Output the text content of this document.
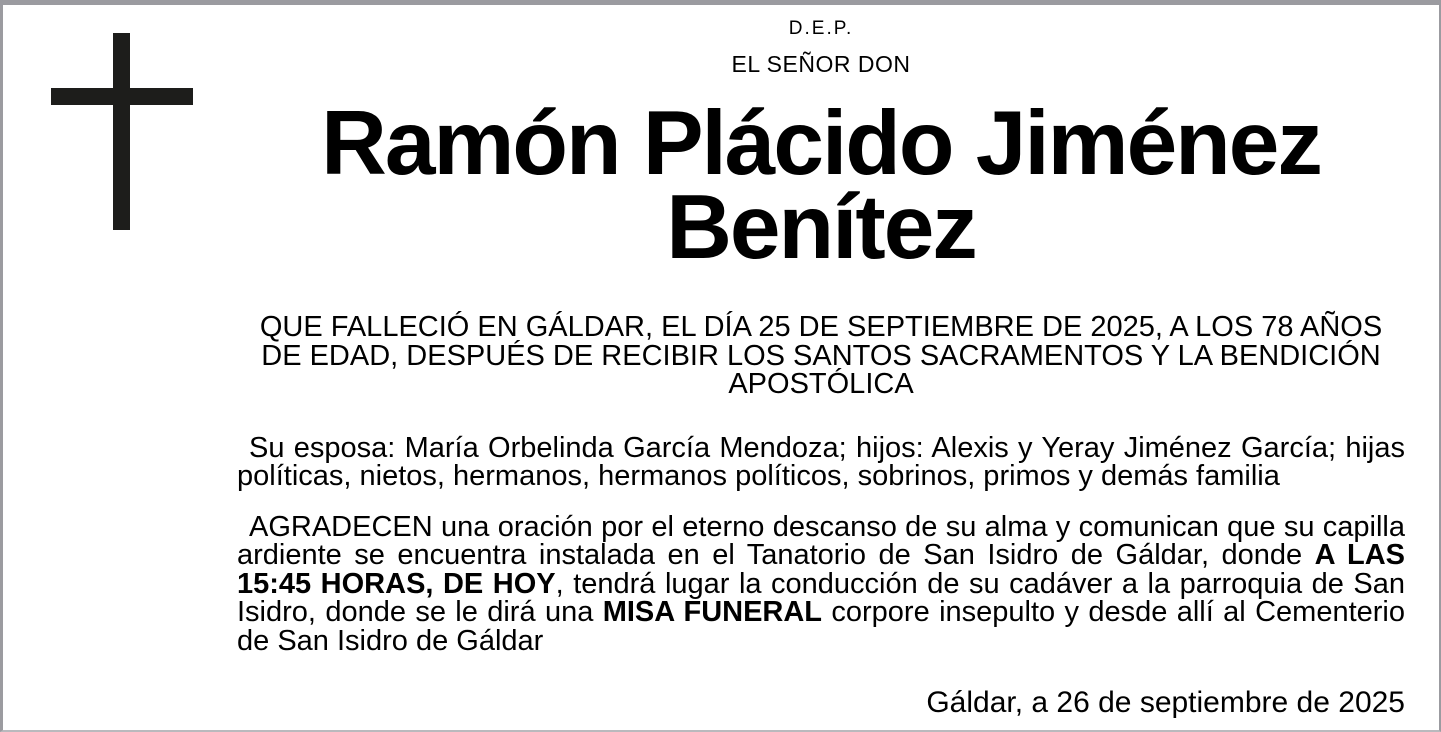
D.E.P.
EL SEÑOR DON
Ramón Plácido Jiménez Benítez

QUE FALLECIÓ EN GÁLDAR, EL DÍA 25 DE SEPTIEMBRE DE 2025, A LOS 78 AÑOS DE EDAD, DESPUÉS DE RECIBIR LOS SANTOS SACRAMENTOS Y LA BENDICIÓN APOSTÓLICA

Su esposa: María Orbelinda García Mendoza; hijos: Alexis y Yeray Jiménez García; hijas políticas, nietos, hermanos, hermanos políticos, sobrinos, primos y demás familia

AGRADECEN una oración por el eterno descanso de su alma y comunican que su capilla ardiente se encuentra instalada en el Tanatorio de San Isidro de Gáldar, donde A LAS 15:45 HORAS, DE HOY, tendrá lugar la conducción de su cadáver a la parroquia de San Isidro, donde se le dirá una MISA FUNERAL corpore insepulto y desde allí al Cementerio de San Isidro de Gáldar

Gáldar, a 26 de septiembre de 2025
